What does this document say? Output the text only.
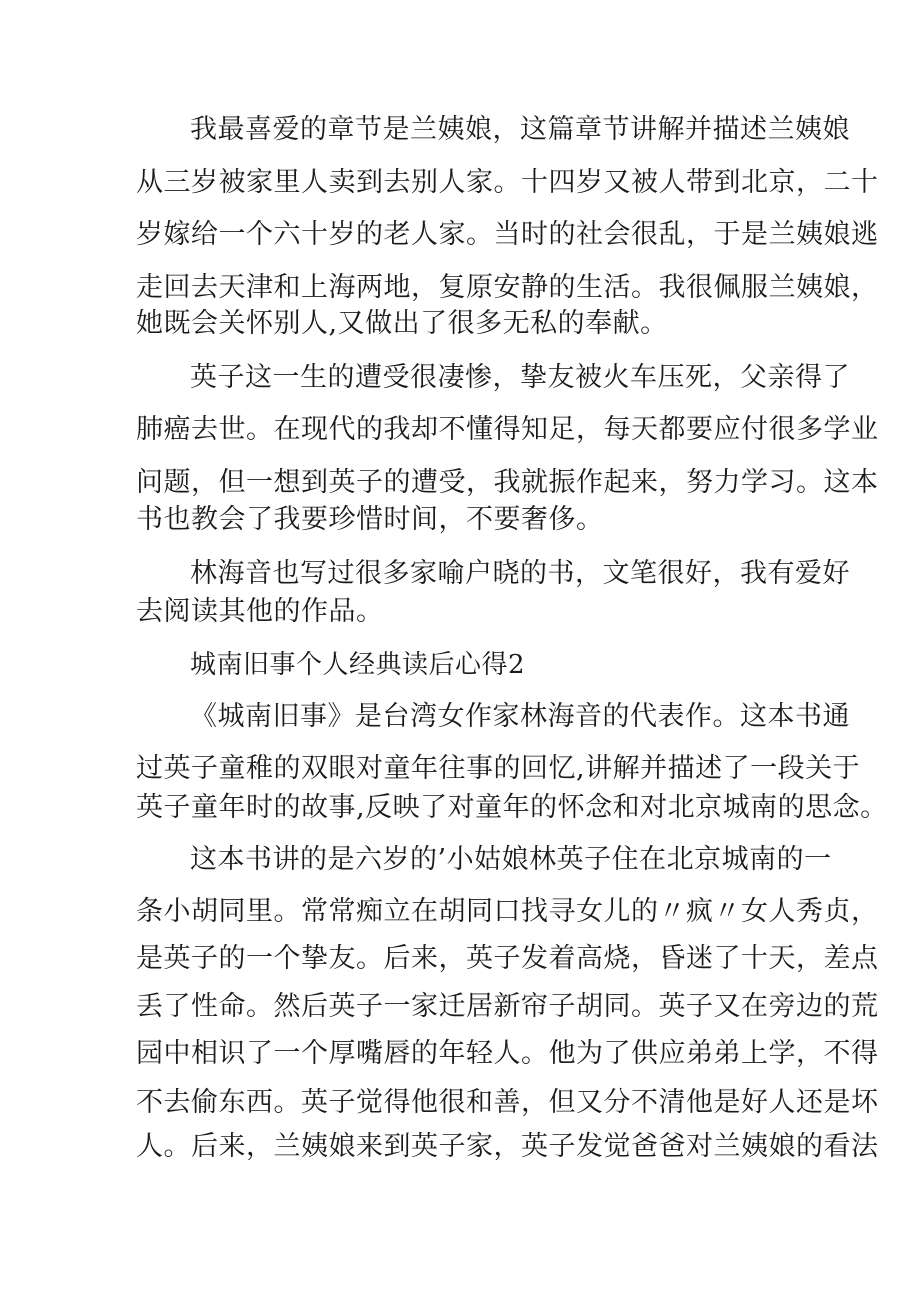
我最喜爱的章节是兰姨娘，这篇章节讲解并描述兰姨娘
从三岁被家里人卖到去别人家。十四岁又被人带到北京，二十
岁嫁给一个六十岁的老人家。当时的社会很乱，于是兰姨娘逃
走回去天津和上海两地，复原安静的生活。我很佩服兰姨娘，
她既会关怀别人,又做出了很多无私的奉献。
英子这一生的遭受很凄惨，挚友被火车压死，父亲得了
肺癌去世。在现代的我却不懂得知足，每天都要应付很多学业
问题，但一想到英子的遭受，我就振作起来，努力学习。这本
书也教会了我要珍惜时间，不要奢侈。
林海音也写过很多家喻户晓的书，文笔很好，我有爱好
去阅读其他的作品。
城南旧事个人经典读后心得2
《城南旧事》是台湾女作家林海音的代表作。这本书通
过英子童稚的双眼对童年往事的回忆,讲解并描述了一段关于
英子童年时的故事,反映了对童年的怀念和对北京城南的思念。
这本书讲的是六岁的’小姑娘林英子住在北京城南的一
条小胡同里。常常痴立在胡同口找寻女儿的〃疯〃女人秀贞，
是英子的一个挚友。后来，英子发着高烧，昏迷了十天，差点
丢了性命。然后英子一家迁居新帘子胡同。英子又在旁边的荒
园中相识了一个厚嘴唇的年轻人。他为了供应弟弟上学，不得
不去偷东西。英子觉得他很和善，但又分不清他是好人还是坏
人。后来，兰姨娘来到英子家，英子发觉爸爸对兰姨娘的看法
